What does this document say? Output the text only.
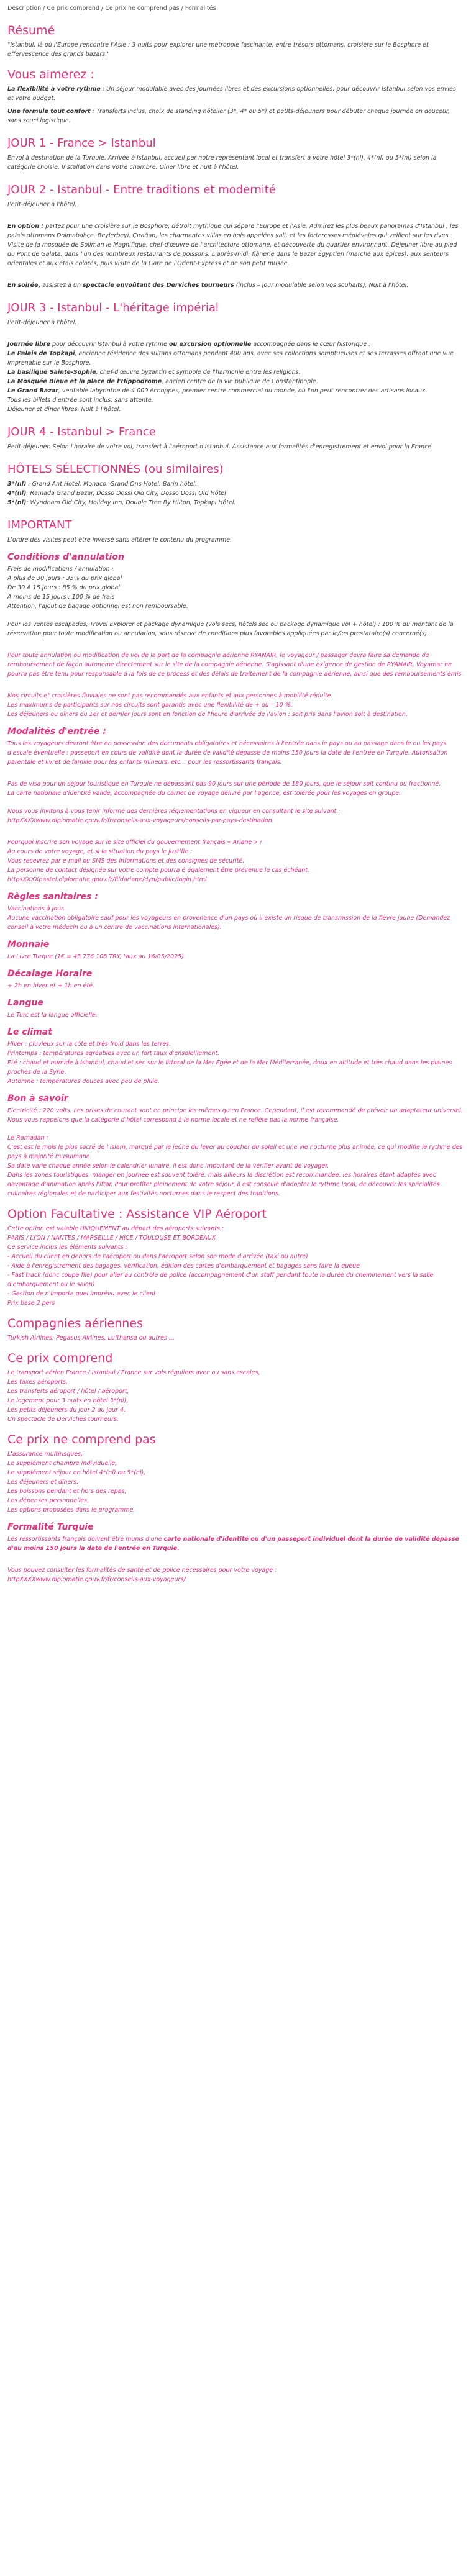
Description / Ce prix comprend / Ce prix ne comprend pas / Formalités
Résumé

"Istanbul, là où l'Europe rencontre l'Asie : 3 nuits pour explorer une métropole fascinante, entre trésors ottomans, croisière sur le Bosphore et effervescence des grands bazars."

Vous aimerez :

La flexibilité à votre rythme : Un séjour modulable avec des journées libres et des excursions optionnelles, pour découvrir Istanbul selon vos envies et votre budget.

Une formule tout confort : Transferts inclus, choix de standing hôtelier (3*, 4* ou 5*) et petits-déjeuners pour débuter chaque journée en douceur, sans souci logistique.

JOUR 1 - France > Istanbul

Envol à destination de la Turquie. Arrivée à Istanbul, accueil par notre représentant local et transfert à votre hôtel 3*(nl), 4*(nl) ou 5*(nl) selon la catégorie choisie. Installation dans votre chambre. Dîner libre et nuit à l'hôtel.

JOUR 2 - Istanbul - Entre traditions et modernité

Petit-déjeuner à l'hôtel.

En option : partez pour une croisière sur le Bosphore, détroit mythique qui sépare l'Europe et l'Asie. Admirez les plus beaux panoramas d'Istanbul : les palais ottomans Dolmabahçe, Beylerbeyi, Çırağan, les charmantes villas en bois appelées yali, et les forteresses médiévales qui veillent sur les rives. Visite de la mosquée de Soliman le Magnifique, chef-d'œuvre de l'architecture ottomane, et découverte du quartier environnant. Déjeuner libre au pied du Pont de Galata, dans l'un des nombreux restaurants de poissons. L'après-midi, flânerie dans le Bazar Égyptien (marché aux épices), aux senteurs orientales et aux étals colorés, puis visite de la Gare de l'Orient-Express et de son petit musée.

En soirée, assistez à un spectacle envoûtant des Derviches tourneurs (inclus – jour modulable selon vos souhaits). Nuit à l'hôtel.

JOUR 3 - Istanbul - L'héritage impérial

Petit-déjeuner à l'hôtel.

Journée libre pour découvrir Istanbul à votre rythme ou excursion optionnelle accompagnée dans le cœur historique :

Le Palais de Topkapi, ancienne résidence des sultans ottomans pendant 400 ans, avec ses collections somptueuses et ses terrasses offrant une vue imprenable sur le Bosphore.

La basilique Sainte-Sophie, chef-d'œuvre byzantin et symbole de l'harmonie entre les religions.

La Mosquée Bleue et la place de l'Hippodrome, ancien centre de la vie publique de Constantinople.

Le Grand Bazar, véritable labyrinthe de 4 000 échoppes, premier centre commercial du monde, où l'on peut rencontrer des artisans locaux.

Tous les billets d'entrée sont inclus, sans attente.

Déjeuner et dîner libres. Nuit à l'hôtel.

JOUR 4 - Istanbul > France

Petit-déjeuner. Selon l'horaire de votre vol, transfert à l'aéroport d'Istanbul. Assistance aux formalités d'enregistrement et envol pour la France.

HÔTELS SÉLECTIONNÉS (ou similaires)

3*(nl) : Grand Ant Hotel, Monaco, Grand Ons Hotel, Barin hôtel.

4*(nl): Ramada Grand Bazar, Dosso Dossi Old City, Dosso Dossi Old Hôtel

5*(nl): Wyndham Old City, Holiday Inn, Double Tree By Hilton, Topkapi Hôtel.

IMPORTANT

L'ordre des visites peut être inversé sans altérer le contenu du programme.

Conditions d'annulation

Frais de modifications / annulation :

A plus de 30 jours : 35% du prix global

De 30 A 15 jours : 85 % du prix global

A moins de 15 jours : 100 % de frais

Attention, l'ajout de bagage optionnel est non remboursable.

Pour les ventes escapades, Travel Explorer et package dynamique (vols secs, hôtels sec ou package dynamique vol + hôtel) : 100 % du montant de la réservation pour toute modification ou annulation, sous réserve de conditions plus favorables appliquées par le/les prestataire(s) concerné(s).

Pour toute annulation ou modification de vol de la part de la compagnie aérienne RYANAIR, le voyageur / passager devra faire sa demande de remboursement de façon autonome directement sur le site de la compagnie aérienne. S'agissant d'une exigence de gestion de RYANAIR, Voyamar ne pourra pas être tenu pour responsable à la fois de ce process et des délais de traitement de la compagnie aérienne, ainsi que des remboursements émis.

Nos circuits et croisières fluviales ne sont pas recommandés aux enfants et aux personnes à mobilité réduite.

Les maximums de participants sur nos circuits sont garantis avec une flexibilité de + ou – 10 %.

Les déjeuners ou dîners du 1er et dernier jours sont en fonction de l'heure d'arrivée de l'avion : soit pris dans l'avion soit à destination.

Modalités d'entrée :

Tous les voyageurs devront être en possession des documents obligatoires et nécessaires à l'entrée dans le pays ou au passage dans le ou les pays d'escale éventuelle : passeport en cours de validité dont la durée de validité dépasse de moins 150 jours la date de l'entrée en Turquie. Autorisation parentale et livret de famille pour les enfants mineurs, etc... pour les ressortissants français.

Pas de visa pour un séjour touristique en Turquie ne dépassant pas 90 jours sur une période de 180 jours, que le séjour soit continu ou fractionné.

La carte nationale d'identité valide, accompagnée du carnet de voyage délivré par l'agence, est tolérée pour les voyages en groupe.

Nous vous invitons à vous tenir informé des dernières réglementations en vigueur en consultant le site suivant : httpXXXXwww.diplomatie.gouv.fr/fr/conseils-aux-voyageurs/conseils-par-pays-destination

Pourquoi inscrire son voyage sur le site officiel du gouvernement français « Ariane » ?

Au cours de votre voyage, et si la situation du pays le justifie :

Vous recevrez par e-mail ou SMS des informations et des consignes de sécurité.

La personne de contact désignée sur votre compte pourra é également être prévenue le cas échéant.

httpsXXXXpastel.diplomatie.gouv.fr/fildariane/dyn/public/login.html

Règles sanitaires :

Vaccinations à jour.

Aucune vaccination obligatoire sauf pour les voyageurs en provenance d'un pays où il existe un risque de transmission de la fièvre jaune (Demandez conseil à votre médecin ou à un centre de vaccinations internationales).

Monnaie

La Livre Turque (1€ = 43 776 108 TRY, taux au 16/05/2025)

Décalage Horaire

+ 2h en hiver et + 1h en été.

Langue

Le Turc est la langue officielle.

Le climat

Hiver : pluvieux sur la côte et très froid dans les terres.

Printemps : températures agréables avec un fort taux d'ensoleillement.

Eté : chaud et humide à Istanbul, chaud et sec sur le littoral de la Mer Égée et de la Mer Méditerranée, doux en altitude et très chaud dans les plaines proches de la Syrie.

Automne : températures douces avec peu de pluie.

Bon à savoir

Electricité : 220 volts. Les prises de courant sont en principe les mêmes qu'en France. Cependant, il est recommandé de prévoir un adaptateur universel.

Nous vous rappelons que la catégorie d'hôtel correspond à la norme locale et ne reflète pas la norme française.

Le Ramadan :

C'est est le mois le plus sacré de l'islam, marqué par le jeûne du lever au coucher du soleil et une vie nocturne plus animée, ce qui modifie le rythme des pays à majorité musulmane.

Sa date varie chaque année selon le calendrier lunaire, il est donc important de la vérifier avant de voyager.

Dans les zones touristiques, manger en journée est souvent toléré, mais ailleurs la discrétion est recommandée, les horaires étant adaptés avec davantage d'animation après l'iftar. Pour profiter pleinement de votre séjour, il est conseillé d'adopter le rythme local, de découvrir les spécialités culinaires régionales et de participer aux festivités nocturnes dans le respect des traditions.

Option Facultative : Assistance VIP Aéroport

Cette option est valable UNIQUEMENT au départ des aéroports suivants :

PARIS / LYON / NANTES / MARSEILLE / NICE / TOULOUSE ET BORDEAUX

Ce service inclus les éléments suivants :

- Accueil du client en dehors de l'aéroport ou dans l'aéroport selon son mode d'arrivée (taxi ou autre)

- Aide à l'enregistrement des bagages, vérification, édition des cartes d'embarquement et bagages sans faire la queue

- Fast track (donc coupe file) pour aller au contrôle de police (accompagnement d'un staff pendant toute la durée du cheminement vers la salle d'embarquement ou le salon)

- Gestion de n'importe quel imprévu avec le client

Prix base 2 pers

Compagnies aériennes

Turkish Airlines, Pegasus Airlines, Lufthansa ou autres ...

Ce prix comprend

Le transport aérien France / Istanbul / France sur vols réguliers avec ou sans escales,

Les taxes aéroports,

Les transferts aéroport / hôtel / aéroport,

Le logement pour 3 nuits en hôtel 3*(nl),

Les petits déjeuners du jour 2 au jour 4,

Un spectacle de Derviches tourneurs.

Ce prix ne comprend pas

L'assurance multirisques,

Le supplément chambre individuelle,

Le supplément séjour en hôtel 4*(nl) ou 5*(nl),

Les déjeuners et dîners,

Les boissons pendant et hors des repas,

Les dépenses personnelles,

Les options proposées dans le programme.

Formalité Turquie

Les ressortissants français doivent être munis d'une carte nationale d'identité ou d'un passeport individuel dont la durée de validité dépasse d'au moins 150 jours la date de l'entrée en Turquie.

Vous pouvez consulter les formalités de santé et de police nécessaires pour votre voyage :

httpXXXXwww.diplomatie.gouv.fr/fr/conseils-aux-voyageurs/
